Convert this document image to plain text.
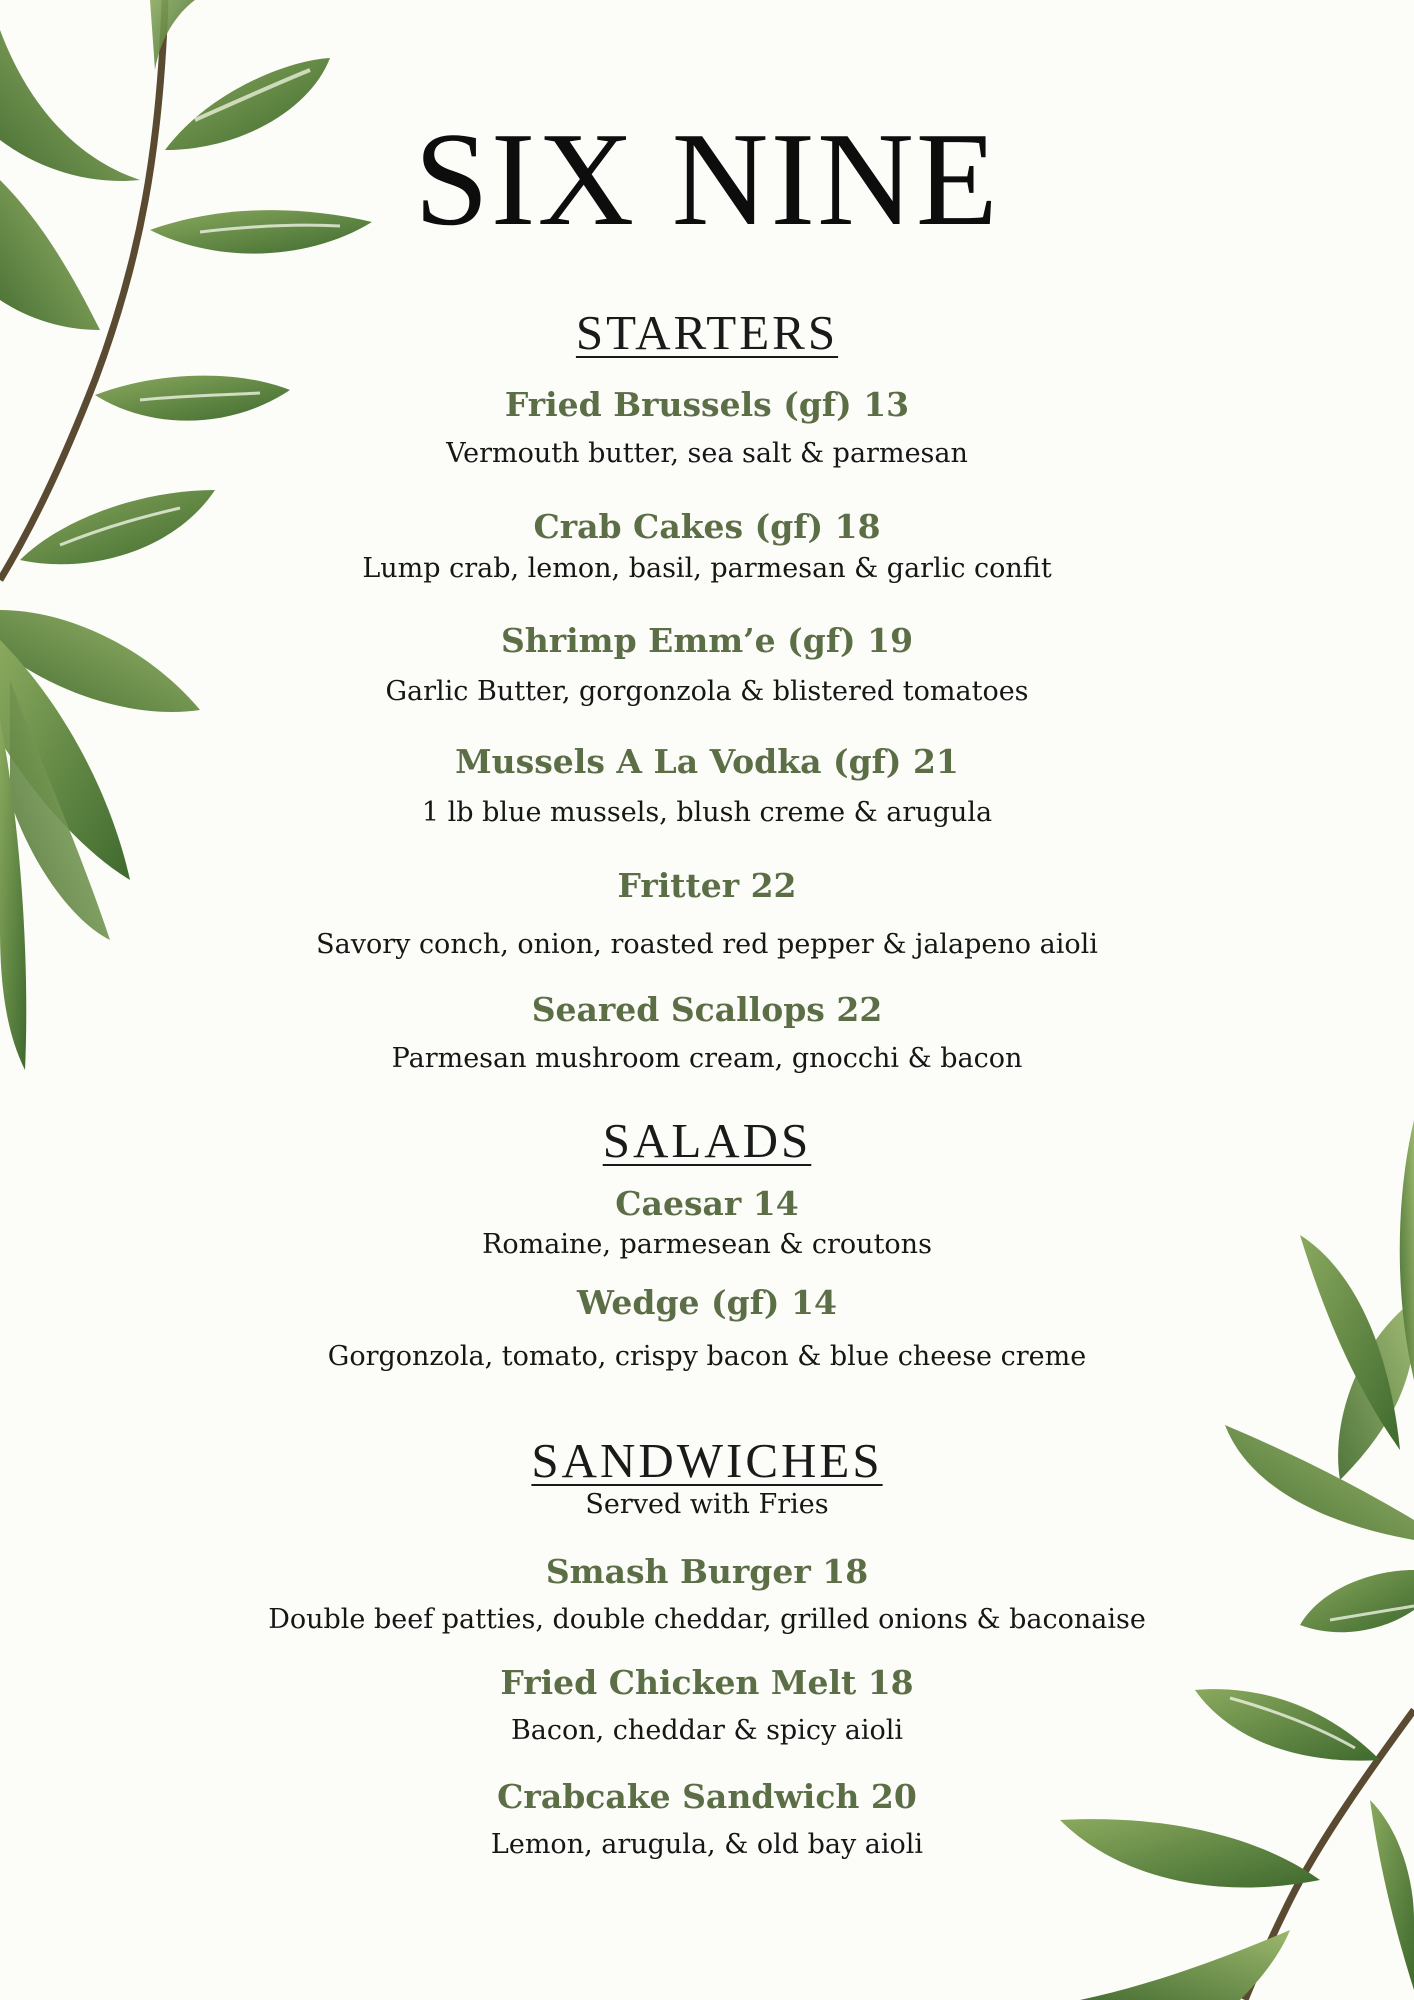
SIX NINE
STARTERS
Fried Brussels (gf) 13
Vermouth butter, sea salt & parmesan
Crab Cakes (gf) 18
Lump crab, lemon, basil, parmesan & garlic confit
Shrimp Emm’e (gf) 19
Garlic Butter, gorgonzola & blistered tomatoes
Mussels A La Vodka (gf) 21
1 lb blue mussels, blush creme & arugula
Fritter 22
Savory conch, onion, roasted red pepper & jalapeno aioli
Seared Scallops 22
Parmesan mushroom cream, gnocchi & bacon
SALADS
Caesar 14
Romaine, parmesean & croutons
Wedge (gf) 14
Gorgonzola, tomato, crispy bacon & blue cheese creme
SANDWICHES
Served with Fries
Smash Burger 18
Double beef patties, double cheddar, grilled onions & baconaise
Fried Chicken Melt 18
Bacon, cheddar & spicy aioli
Crabcake Sandwich 20
Lemon, arugula, & old bay aioli
